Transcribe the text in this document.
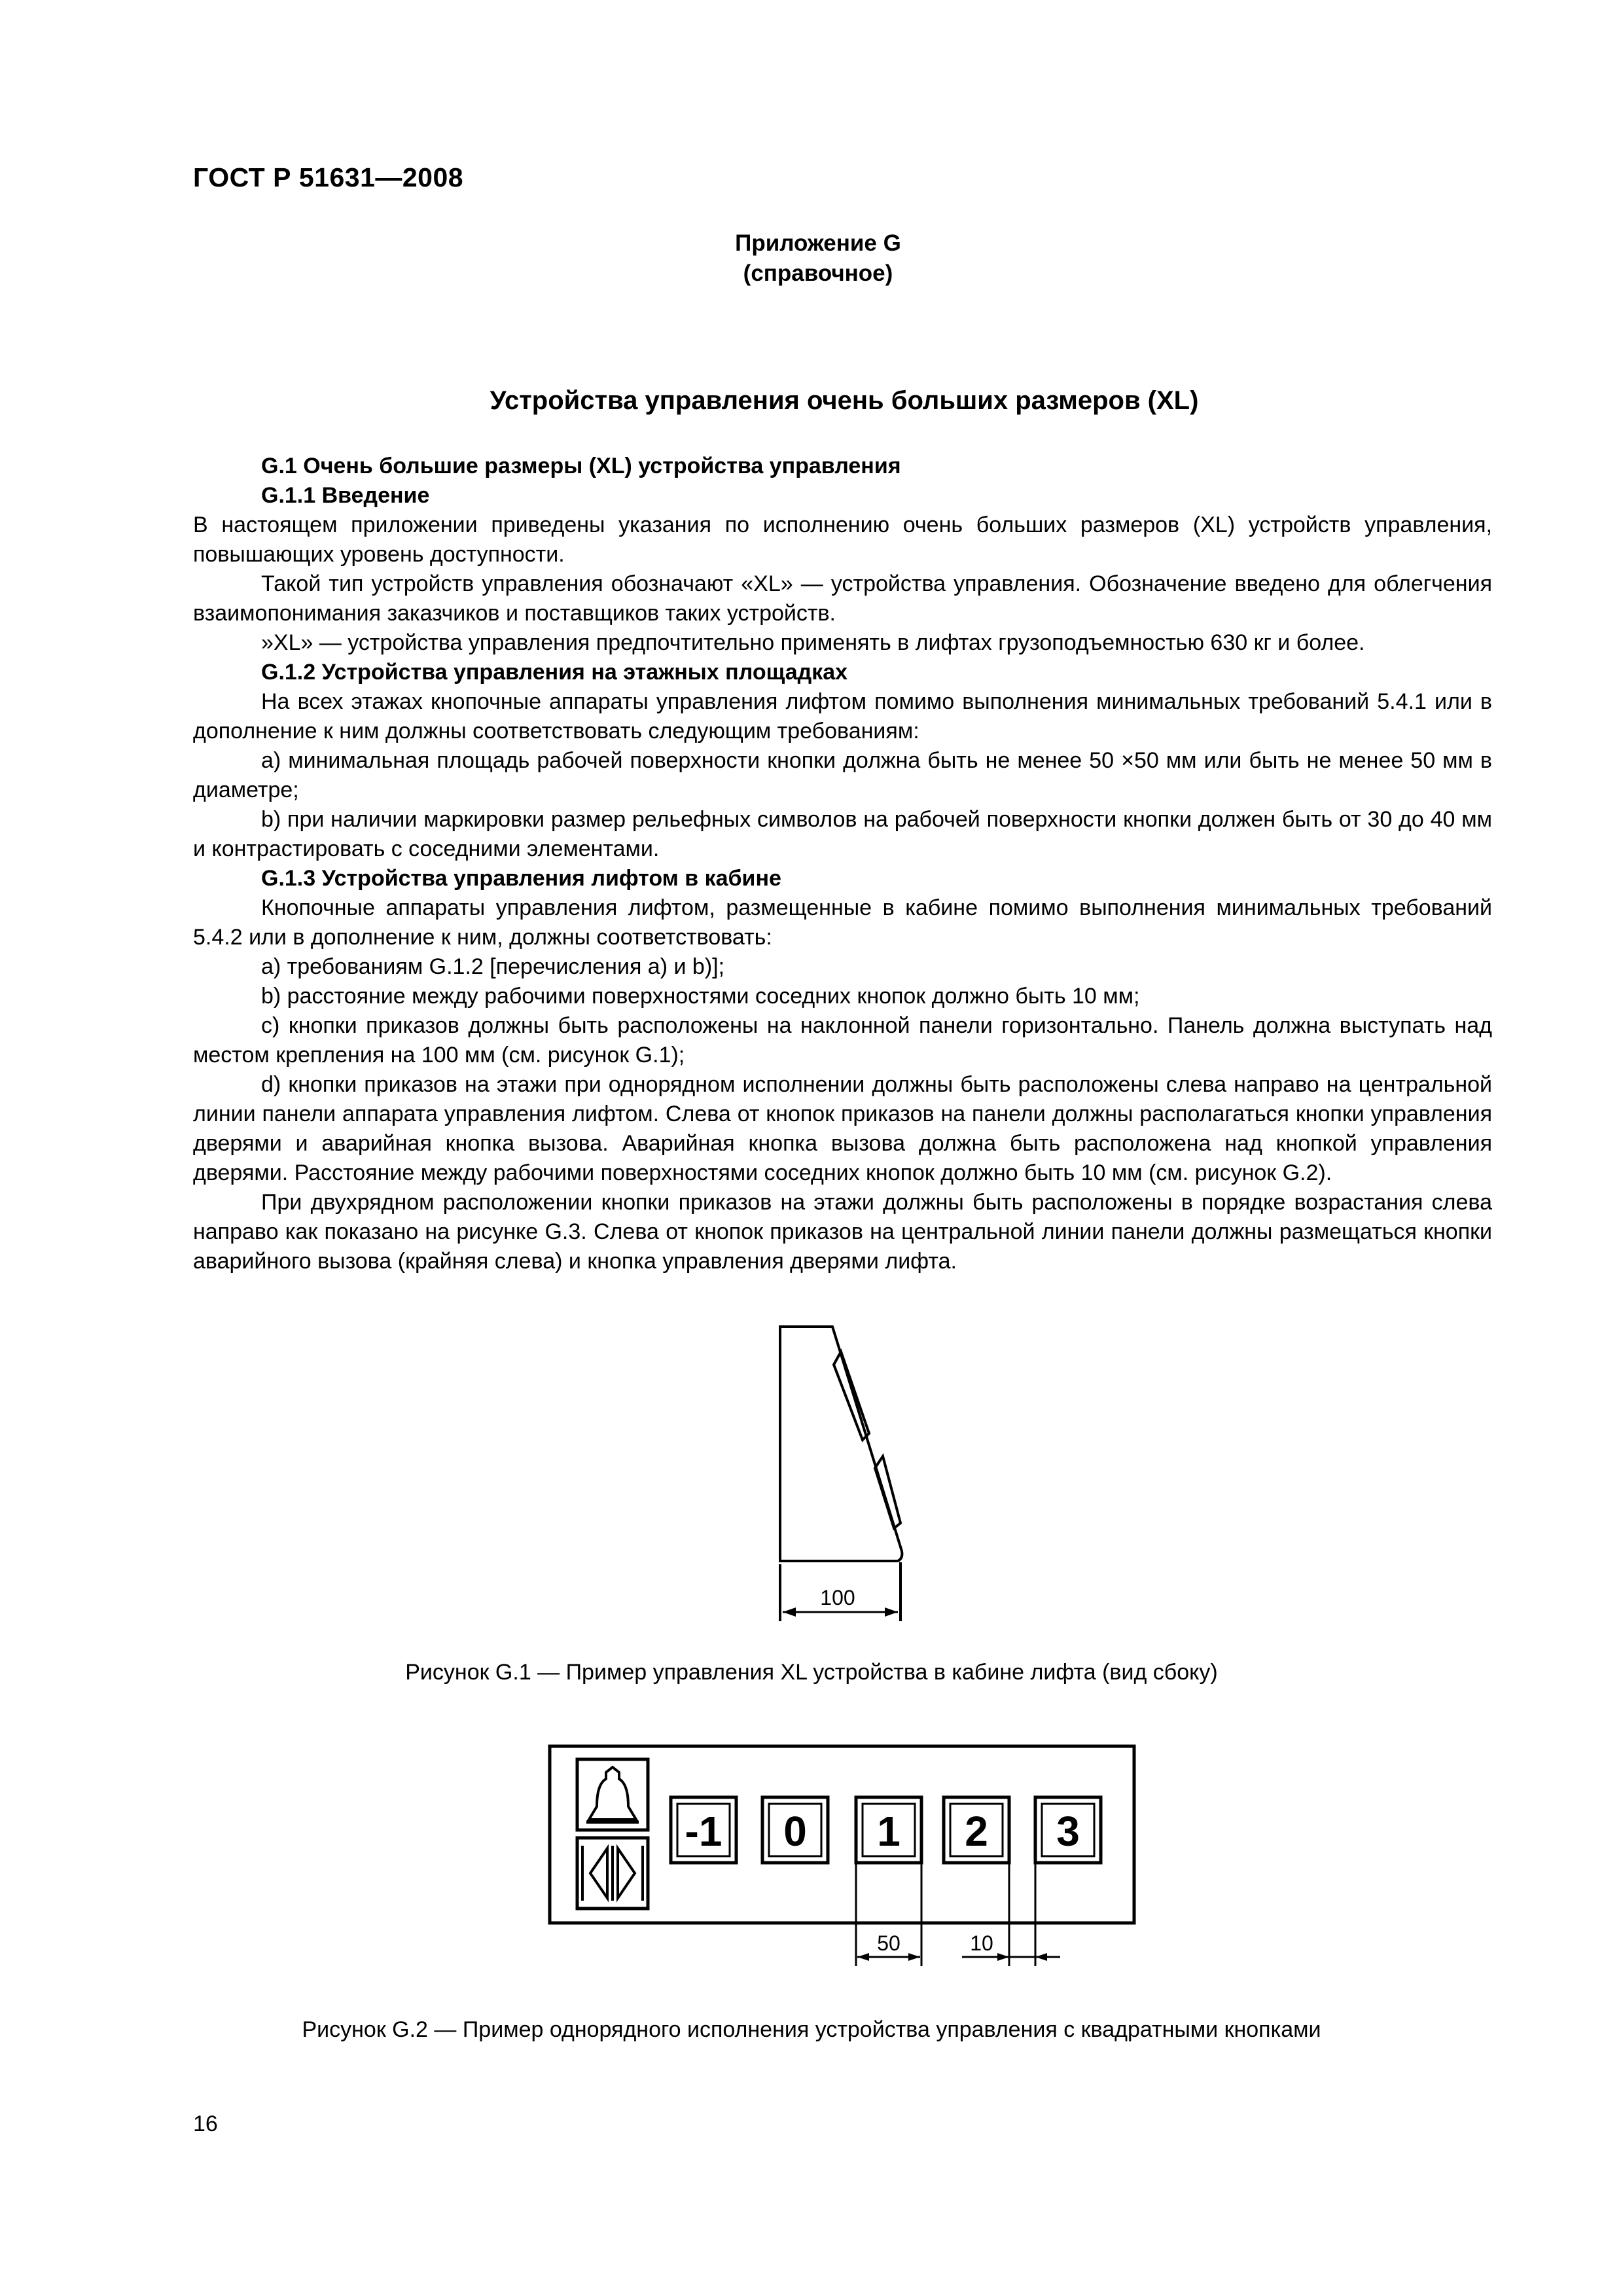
ГОСТ Р 51631—2008
Приложение G
(справочное)
Устройства управления очень больших размеров (XL)

G.1 Очень большие размеры (XL) устройства управления

G.1.1 Введение

В настоящем приложении приведены указания по исполнению очень больших размеров (XL) устройств управления, повышающих уровень доступности.

Такой тип устройств управления обозначают «XL» — устройства управления. Обозначение введено для облегчения взаимопонимания заказчиков и поставщиков таких устройств.

»XL» — устройства управления предпочтительно применять в лифтах грузоподъемностью 630 кг и более.

G.1.2 Устройства управления на этажных площадках

На всех этажах кнопочные аппараты управления лифтом помимо выполнения минимальных требований 5.4.1 или в дополнение к ним должны соответствовать следующим требованиям:

а) минимальная площадь рабочей поверхности кнопки должна быть не менее 50 ×50 мм или быть не менее 50 мм в диаметре;

b) при наличии маркировки размер рельефных символов на рабочей поверхности кнопки должен быть от 30 до 40 мм и контрастировать с соседними элементами.

G.1.3 Устройства управления лифтом в кабине

Кнопочные аппараты управления лифтом, размещенные в кабине помимо выполнения минимальных требований 5.4.2 или в дополнение к ним, должны соответствовать:

а) требованиям G.1.2 [перечисления а) и b)];

b) расстояние между рабочими поверхностями соседних кнопок должно быть 10 мм;

c) кнопки приказов должны быть расположены на наклонной панели горизонтально. Панель должна выступать над местом крепления на 100 мм (см. рисунок G.1);

d) кнопки приказов на этажи при однорядном исполнении должны быть расположены слева направо на центральной линии панели аппарата управления лифтом. Слева от кнопок приказов на панели должны располагаться кнопки управления дверями и аварийная кнопка вызова. Аварийная кнопка вызова должна быть расположена над кнопкой управления дверями. Расстояние между рабочими поверхностями соседних кнопок должно быть 10 мм (см. рисунок G.2).

При двухрядном расположении кнопки приказов на этажи должны быть расположены в порядке возрастания слева направо как показано на рисунке G.3. Слева от кнопок приказов на центральной линии панели должны размещаться кнопки аварийного вызова (крайняя слева) и кнопка управления дверями лифта.

100
Рисунок G.1 — Пример управления XL устройства в кабине лифта (вид сбоку)
-1 0 1 2 3
50	10
Рисунок G.2 — Пример однорядного исполнения устройства управления с квадратными кнопками
16
